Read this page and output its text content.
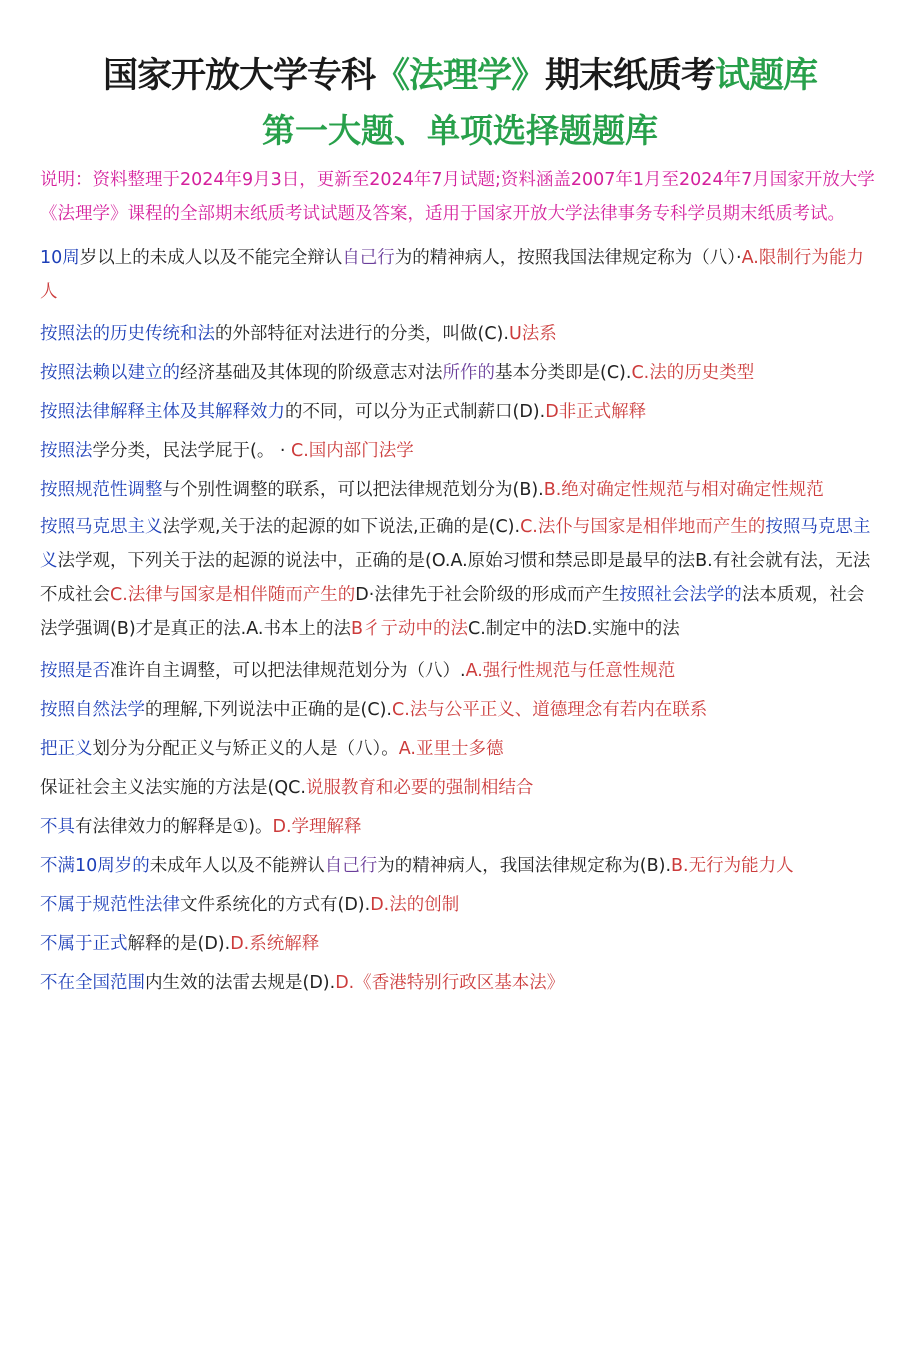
国家开放大学专科《法理学》期末纸质考试题库
第一大题、单项选择题题库

说明：资料整理于2024年9月3日，更新至2024年7月试题;资料涵盖2007年1月至2024年7月国家开放大学《法理学》课程的全部期末纸质考试试题及答案，适用于国家开放大学法律事务专科学员期末纸质考试。

10周岁以上的未成人以及不能完全辩认自己行为的精神病人，按照我国法律规定称为（八）·A.限制行为能力人

按照法的历史传统和法的外部特征对法进行的分类，叫做(C).U法系

按照法赖以建立的经济基础及其体现的阶级意志对法所作的基本分类即是(C).C.法的历史类型

按照法律解释主体及其解释效力的不同，可以分为正式制薪口(D).D非正式解释

按照法学分类，民法学屁于(。 · C.国内部门法学

按照规范性调整与个别性调整的联系，可以把法律规范划分为(B).B.绝对确定性规范与相对确定性规范

按照马克思主义法学观,关于法的起源的如下说法,正确的是(C).C.法仆与国家是相伴地而产生的按照马克思主义法学观，下列关于法的起源的说法中，正确的是(O.A.原始习惯和禁忌即是最早的法B.有社会就有法，无法不成社会C.法律与国家是相伴随而产生的D·法律先于社会阶级的形成而产生按照社会法学的法本质观，社会法学强调(B)才是真正的法.A.书本上的法B彳亍动中的法C.制定中的法D.实施中的法

按照是否准许自主调整，可以把法律规范划分为（八）.A.强行性规范与任意性规范

按照自然法学的理解,下列说法中正确的是(C).C.法与公平正义、道德理念有若内在联系

把正义划分为分配正义与矫正义的人是（八）。A.亚里士多德

保证社会主义法实施的方法是(QC.说服教育和必要的强制相结合

不具有法律效力的解释是①)。D.学理解释

不满10周岁的未成年人以及不能辨认自己行为的精神病人，我国法律规定称为(B).B.无行为能力人

不属于规范性法律文件系统化的方式有(D).D.法的创制

不属于正式解释的是(D).D.系统解释

不在全国范围内生效的法雷去规是(D).D.《香港特别行政区基本法》
